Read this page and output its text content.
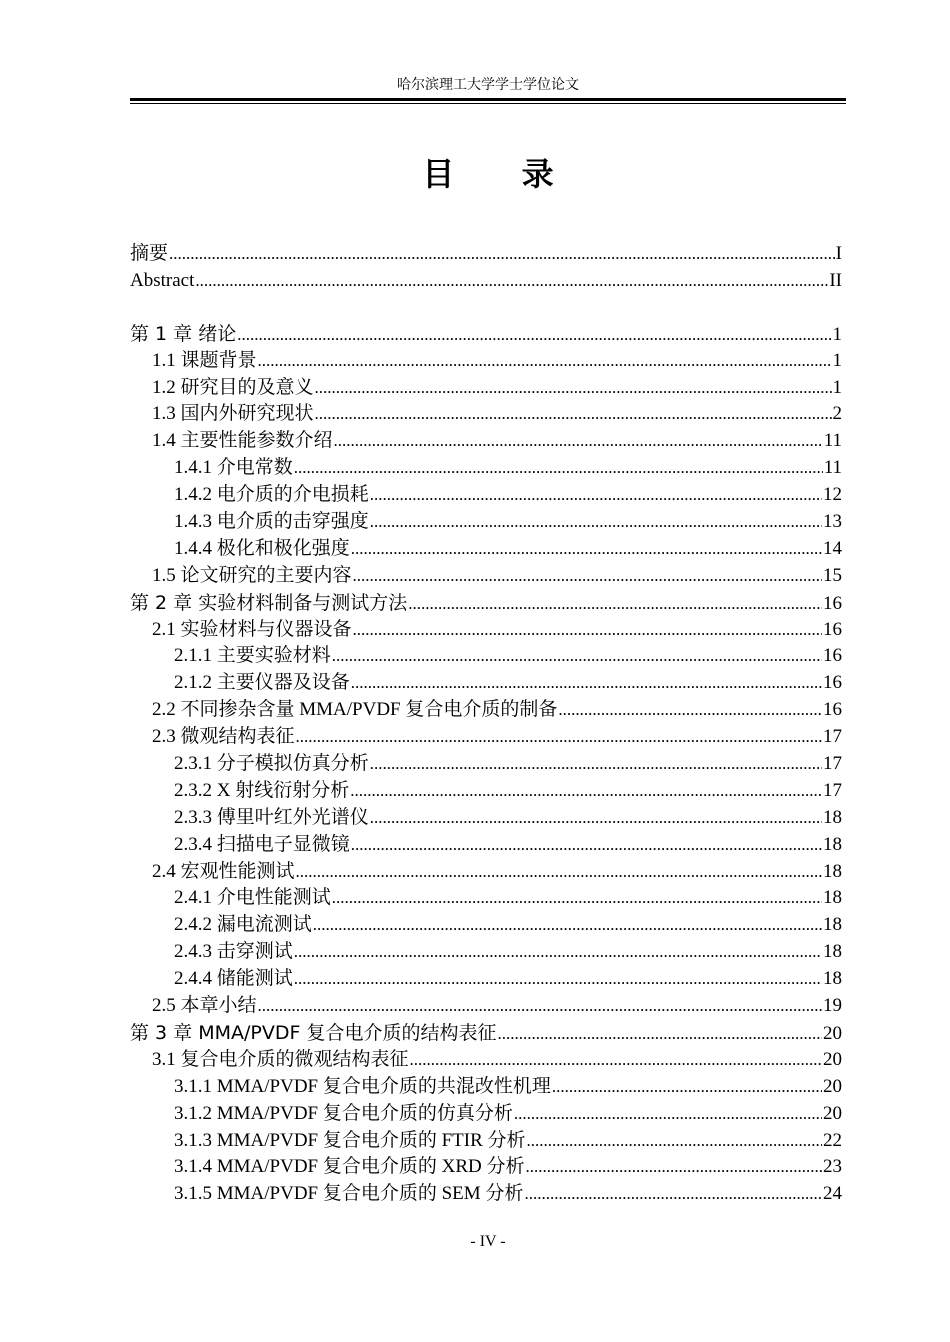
哈尔滨理工大学学士学位论文
目 录
摘要 .....	I
Abstract .....	II
第 1 章 绪论 .....	1
1.1 课题背景 .....	1
1.2 研究目的及意义 .....	1
1.3 国内外研究现状 .....	2
1.4 主要性能参数介绍 .....	11
1.4.1 介电常数 .....	11
1.4.2 电介质的介电损耗 .....	12
1.4.3 电介质的击穿强度 .....	13
1.4.4 极化和极化强度 .....	14
1.5 论文研究的主要内容 .....	15
第 2 章 实验材料制备与测试方法 .....	16
2.1 实验材料与仪器设备 .....	16
2.1.1 主要实验材料 .....	16
2.1.2 主要仪器及设备 .....	16
2.2 不同掺杂含量 MMA/PVDF 复合电介质的制备 .....	16
2.3 微观结构表征 .....	17
2.3.1 分子模拟仿真分析 .....	17
2.3.2 X 射线衍射分析 .....	17
2.3.3 傅里叶红外光谱仪 .....	18
2.3.4 扫描电子显微镜 .....	18
2.4 宏观性能测试 .....	18
2.4.1 介电性能测试 .....	18
2.4.2 漏电流测试 .....	18
2.4.3 击穿测试 .....	18
2.4.4 储能测试 .....	18
2.5 本章小结 .....	19
第 3 章 MMA/PVDF 复合电介质的结构表征 .....	20
3.1 复合电介质的微观结构表征 .....	20
3.1.1 MMA/PVDF 复合电介质的共混改性机理 .....	20
3.1.2 MMA/PVDF 复合电介质的仿真分析 .....	20
3.1.3 MMA/PVDF 复合电介质的 FTIR 分析 .....	22
3.1.4 MMA/PVDF 复合电介质的 XRD 分析 .....	23
3.1.5 MMA/PVDF 复合电介质的 SEM 分析 .....	24
- IV -
